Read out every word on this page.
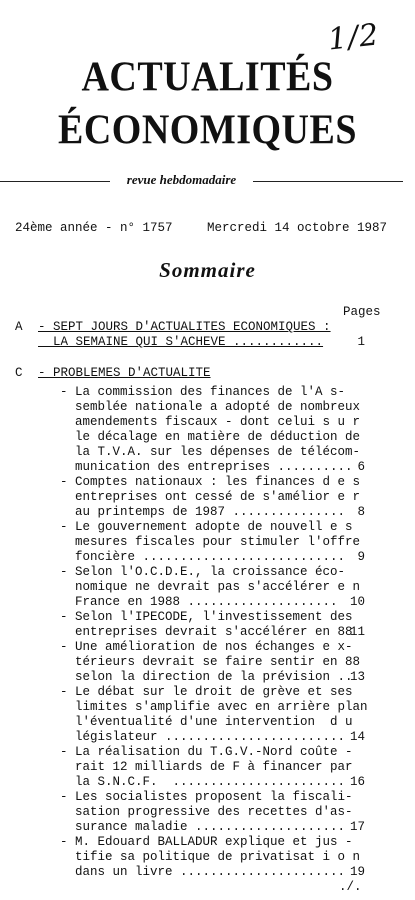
1/2
ACTUALITÉS
ÉCONOMIQUES
revue hebdomadaire
24ème année - n° 1757	Mercredi 14 octobre 1987
Sommaire
Pages
A - SEPT JOURS D'ACTUALITES ECONOMIQUES :
LA SEMAINE QUI S'ACHEVE ............	1
C - PROBLEMES D'ACTUALITE
- La commission des finances de l'A s-
semblée nationale a adopté de nombreux
amendements fiscaux - dont celui s u r
le décalage en matière de déduction de
la T.V.A. sur les dépenses de télécom-
munication des entreprises .......... 6
- Comptes nationaux : les finances d e s
entreprises ont cessé de s'amélior e r
au printemps de 1987 ............... 8
- Le gouvernement adopte de nouvell e s
mesures fiscales pour stimuler l'offre
foncière ........................... 9
- Selon l'O.C.D.E., la croissance éco-
nomique ne devrait pas s'accélérer e n
France en 1988 .................... 10
- Selon l'IPECODE, l'investissement des
entreprises devrait s'accélérer en 88
11
- Une amélioration de nos échanges e x-
térieurs devrait se faire sentir en 88
selon la direction de la prévision ..
13
- Le débat sur le droit de grève et ses
limites s'amplifie avec en arrière plan
l'éventualité d'une intervention  d u
législateur ........................ 14
- La réalisation du T.G.V.-Nord coûte -
rait 12 milliards de F à financer par
la S.N.C.F.  ....................... 16
- Les socialistes proposent la fiscali-
sation progressive des recettes d'as-
surance maladie .................... 17
- M. Edouard BALLADUR explique et jus -
tifie sa politique de privatisat i o n
dans un livre ...................... 19
./.
